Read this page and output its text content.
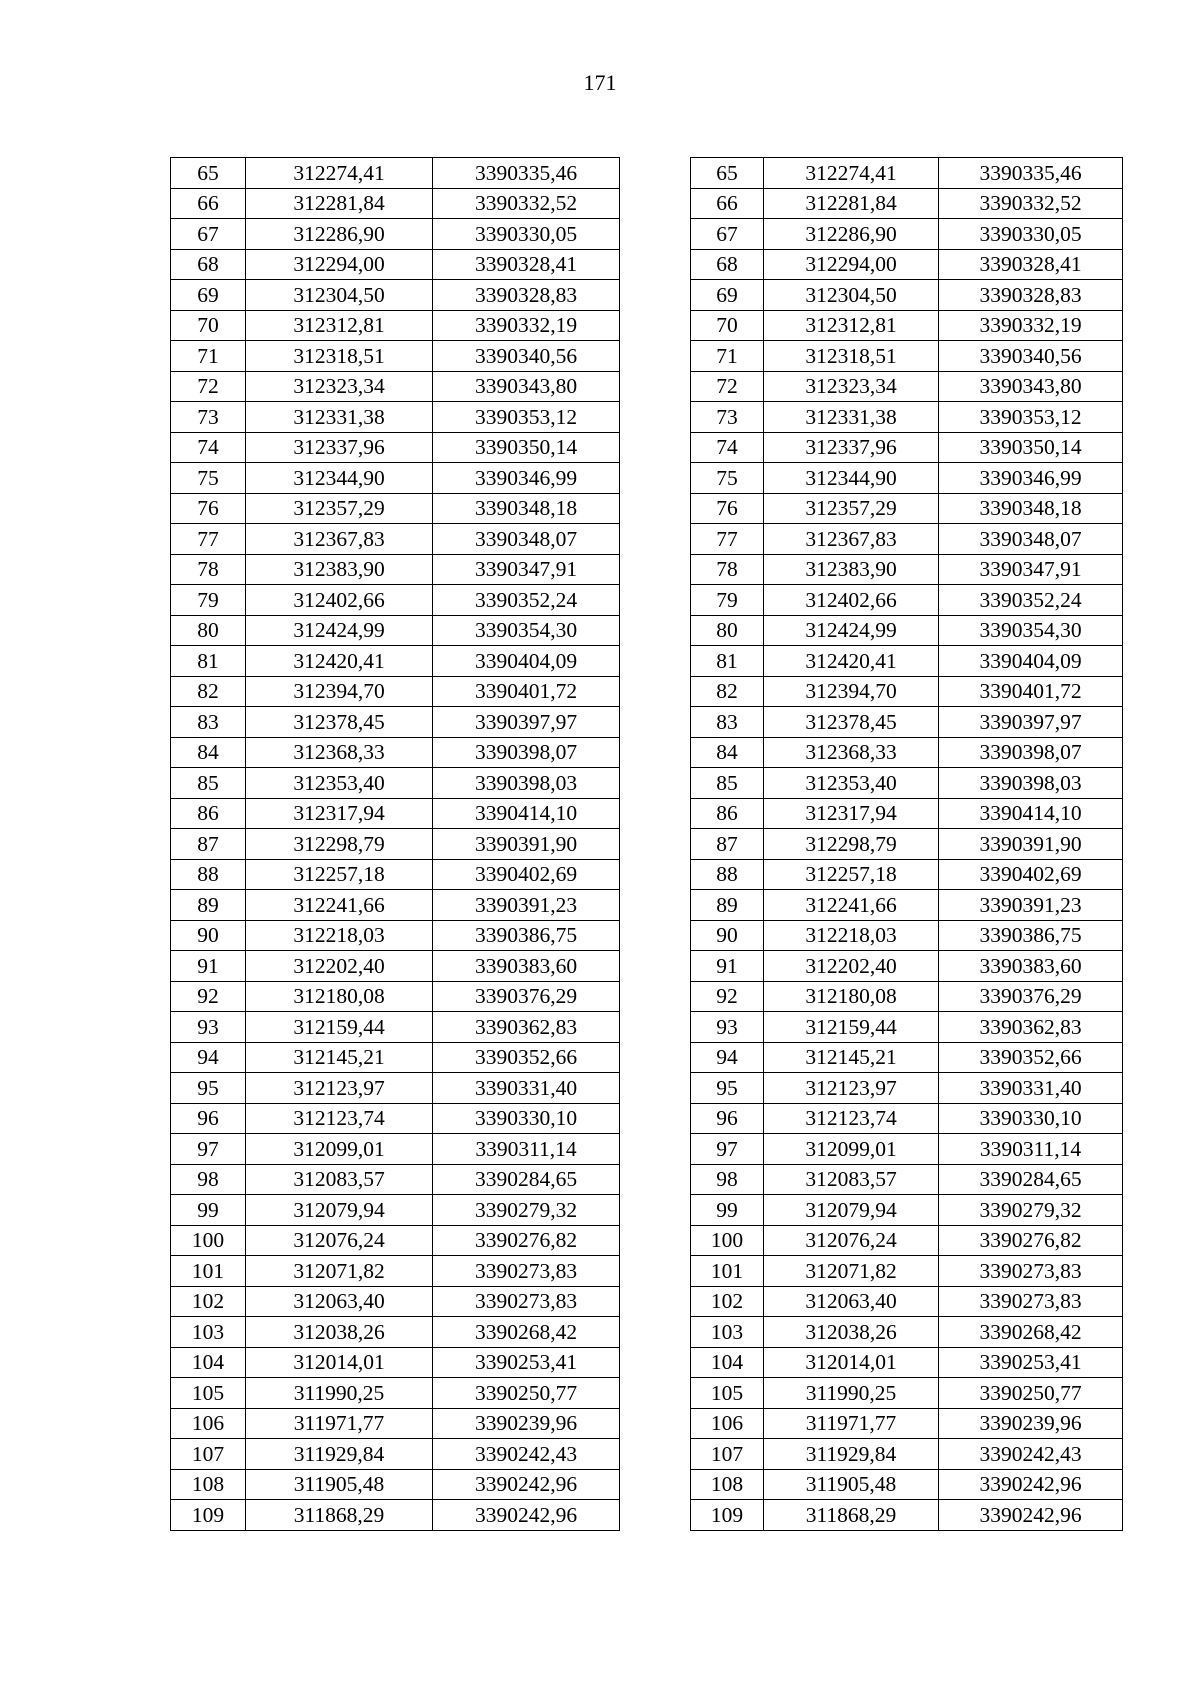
171
65	312274,41	3390335,46
66	312281,84	3390332,52
67	312286,90	3390330,05
68	312294,00	3390328,41
69	312304,50	3390328,83
70	312312,81	3390332,19
71	312318,51	3390340,56
72	312323,34	3390343,80
73	312331,38	3390353,12
74	312337,96	3390350,14
75	312344,90	3390346,99
76	312357,29	3390348,18
77	312367,83	3390348,07
78	312383,90	3390347,91
79	312402,66	3390352,24
80	312424,99	3390354,30
81	312420,41	3390404,09
82	312394,70	3390401,72
83	312378,45	3390397,97
84	312368,33	3390398,07
85	312353,40	3390398,03
86	312317,94	3390414,10
87	312298,79	3390391,90
88	312257,18	3390402,69
89	312241,66	3390391,23
90	312218,03	3390386,75
91	312202,40	3390383,60
92	312180,08	3390376,29
93	312159,44	3390362,83
94	312145,21	3390352,66
95	312123,97	3390331,40
96	312123,74	3390330,10
97	312099,01	3390311,14
98	312083,57	3390284,65
99	312079,94	3390279,32
100	312076,24	3390276,82
101	312071,82	3390273,83
102	312063,40	3390273,83
103	312038,26	3390268,42
104	312014,01	3390253,41
105	311990,25	3390250,77
106	311971,77	3390239,96
107	311929,84	3390242,43
108	311905,48	3390242,96
109	311868,29	3390242,96
65	312274,41	3390335,46
66	312281,84	3390332,52
67	312286,90	3390330,05
68	312294,00	3390328,41
69	312304,50	3390328,83
70	312312,81	3390332,19
71	312318,51	3390340,56
72	312323,34	3390343,80
73	312331,38	3390353,12
74	312337,96	3390350,14
75	312344,90	3390346,99
76	312357,29	3390348,18
77	312367,83	3390348,07
78	312383,90	3390347,91
79	312402,66	3390352,24
80	312424,99	3390354,30
81	312420,41	3390404,09
82	312394,70	3390401,72
83	312378,45	3390397,97
84	312368,33	3390398,07
85	312353,40	3390398,03
86	312317,94	3390414,10
87	312298,79	3390391,90
88	312257,18	3390402,69
89	312241,66	3390391,23
90	312218,03	3390386,75
91	312202,40	3390383,60
92	312180,08	3390376,29
93	312159,44	3390362,83
94	312145,21	3390352,66
95	312123,97	3390331,40
96	312123,74	3390330,10
97	312099,01	3390311,14
98	312083,57	3390284,65
99	312079,94	3390279,32
100	312076,24	3390276,82
101	312071,82	3390273,83
102	312063,40	3390273,83
103	312038,26	3390268,42
104	312014,01	3390253,41
105	311990,25	3390250,77
106	311971,77	3390239,96
107	311929,84	3390242,43
108	311905,48	3390242,96
109	311868,29	3390242,96
